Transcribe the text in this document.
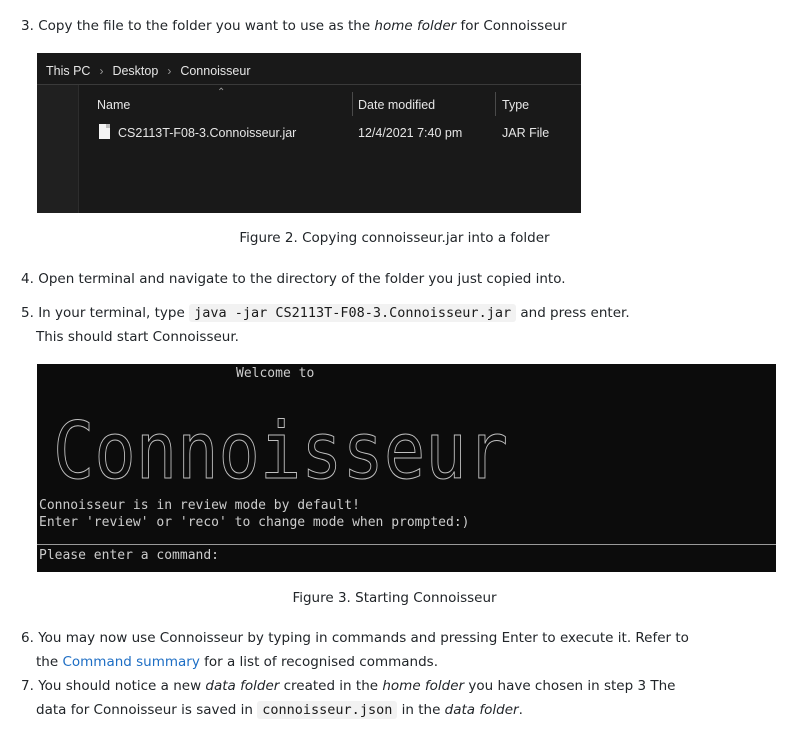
3. Copy the file to the folder you want to use as the home folder for Connoisseur
This PC › Desktop › Connoisseur
⌃
Name	Date modified	Type
CS2113T-F08-3.Connoisseur.jar	12/4/2021 7:40 pm	JAR File
Figure 2. Copying connoisseur.jar into a folder
4. Open terminal and navigate to the directory of the folder you just copied into.
5. In your terminal, type java -jar CS2113T-F08-3.Connoisseur.jar and press enter.
This should start Connoisseur.
Welcome to
Connoisseur
Connoisseur is in review mode by default!
Enter 'review' or 'reco' to change mode when prompted:)
Please enter a command:
Figure 3. Starting Connoisseur
6. You may now use Connoisseur by typing in commands and pressing Enter to execute it. Refer to
the Command summary for a list of recognised commands.
7. You should notice a new data folder created in the home folder you have chosen in step 3 The
data for Connoisseur is saved in connoisseur.json in the data folder.
